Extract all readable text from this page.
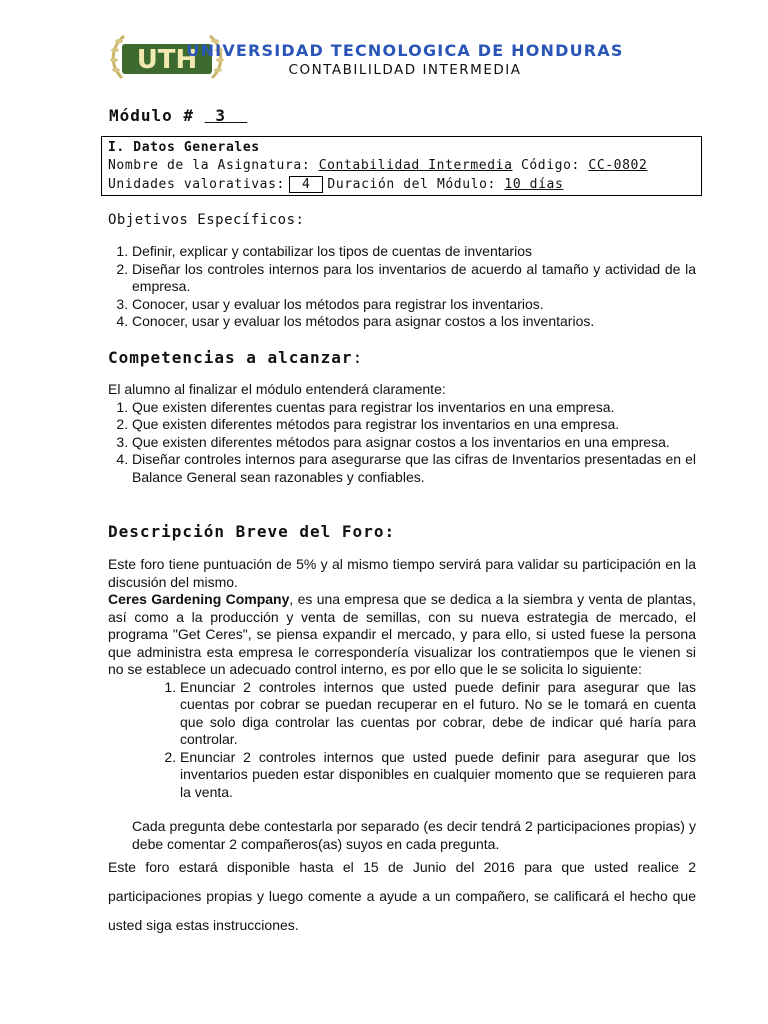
UTH
UNIVERSIDAD TECNOLOGICA DE HONDURAS
CONTABILILDAD INTERMEDIA
Módulo # 3
I. Datos Generales
Nombre de la Asignatura: Contabilidad Intermedia Código: CC-0802
Unidades valorativas: 4 Duración del Módulo: 10 días
Objetivos Específicos:
1. Definir, explicar y contabilizar los tipos de cuentas de inventarios
2. Diseñar los controles internos para los inventarios de acuerdo al tamaño y actividad de la empresa.
3. Conocer, usar y evaluar los métodos para registrar los inventarios.
4. Conocer, usar y evaluar los métodos para asignar costos a los inventarios.
Competencias a alcanzar:

El alumno al finalizar el módulo entenderá claramente:

1. Que existen diferentes cuentas para registrar los inventarios en una empresa.
2. Que existen diferentes métodos para registrar los inventarios en una empresa.
3. Que existen diferentes métodos para asignar costos a los inventarios en una empresa.
4. Diseñar controles internos para asegurarse que las cifras de Inventarios presentadas en el Balance General sean razonables y confiables.
Descripción Breve del Foro:

Este foro tiene puntuación de 5% y al mismo tiempo servirá para validar su participación en la discusión del mismo.

Ceres Gardening Company, es una empresa que se dedica a la siembra y venta de plantas, así como a la producción y venta de semillas, con su nueva estrategia de mercado, el programa "Get Ceres", se piensa expandir el mercado, y para ello, si usted fuese la persona que administra esta empresa le correspondería visualizar los contratiempos que le vienen si no se establece un adecuado control interno, es por ello que le se solicita lo siguiente:

1. Enunciar 2 controles internos que usted puede definir para asegurar que las cuentas por cobrar se puedan recuperar en el futuro. No se le tomará en cuenta que solo diga controlar las cuentas por cobrar, debe de indicar qué haría para controlar.
2. Enunciar 2 controles internos que usted puede definir para asegurar que los inventarios pueden estar disponibles en cualquier momento que se requieren para la venta.

Cada pregunta debe contestarla por separado (es decir tendrá 2 participaciones propias) y debe comentar 2 compañeros(as) suyos en cada pregunta.

Este foro estará disponible hasta el 15 de Junio del 2016 para que usted realice 2 participaciones propias y luego comente a ayude a un compañero, se calificará el hecho que usted siga estas instrucciones.
